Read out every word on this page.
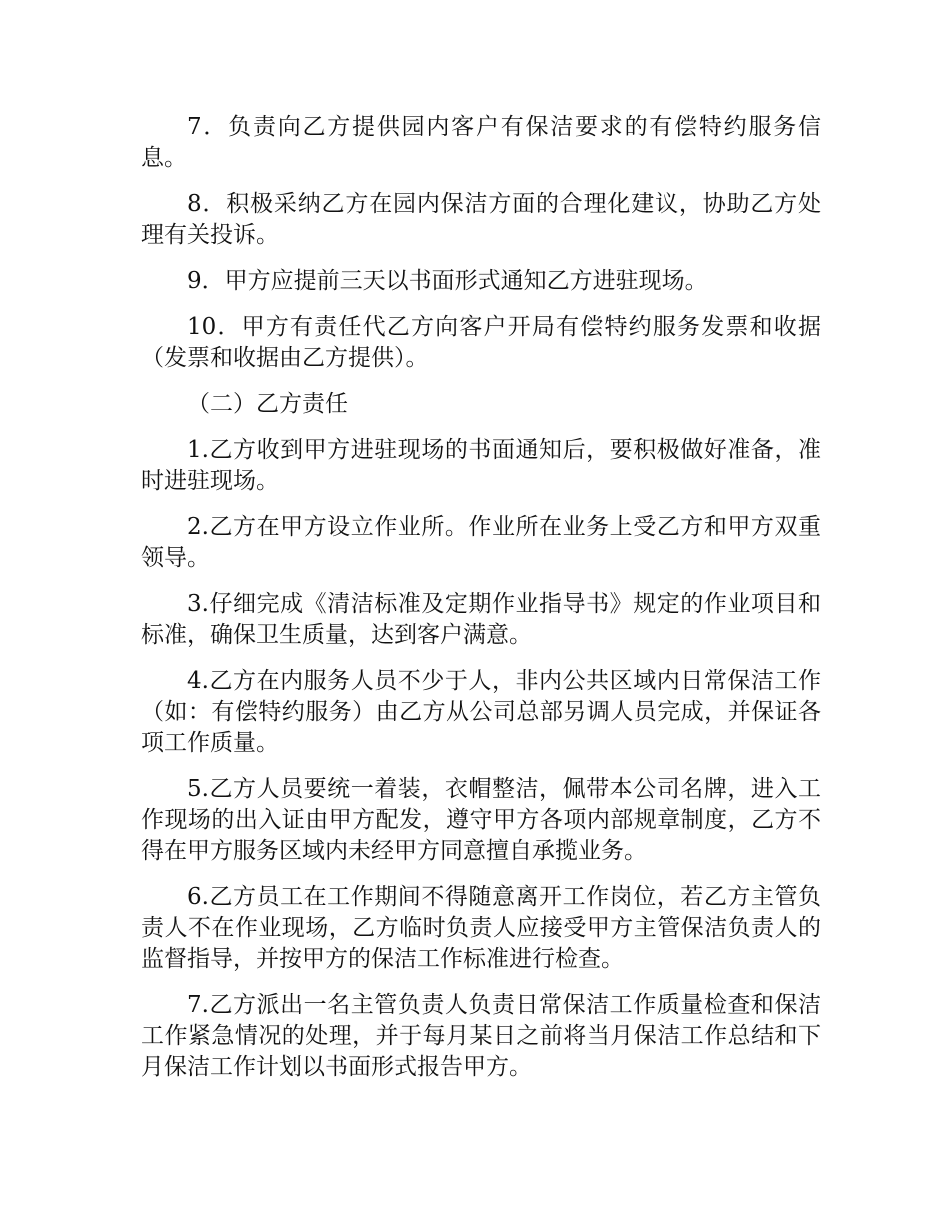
7．负责向乙方提供园内客户有保洁要求的有偿特约服务信息。

8．积极采纳乙方在园内保洁方面的合理化建议，协助乙方处理有关投诉。

9．甲方应提前三天以书面形式通知乙方进驻现场。

10．甲方有责任代乙方向客户开局有偿特约服务发票和收据（发票和收据由乙方提供）。

（二）乙方责任

1.乙方收到甲方进驻现场的书面通知后，要积极做好准备，准时进驻现场。

2.乙方在甲方设立作业所。作业所在业务上受乙方和甲方双重领导。

3.仔细完成《清洁标准及定期作业指导书》规定的作业项目和标准，确保卫生质量，达到客户满意。

4.乙方在内服务人员不少于人，非内公共区域内日常保洁工作（如：有偿特约服务）由乙方从公司总部另调人员完成，并保证各项工作质量。

5.乙方人员要统一着装，衣帽整洁，佩带本公司名牌，进入工作现场的出入证由甲方配发，遵守甲方各项内部规章制度，乙方不得在甲方服务区域内未经甲方同意擅自承揽业务。

6.乙方员工在工作期间不得随意离开工作岗位，若乙方主管负责人不在作业现场，乙方临时负责人应接受甲方主管保洁负责人的监督指导，并按甲方的保洁工作标准进行检查。

7.乙方派出一名主管负责人负责日常保洁工作质量检查和保洁工作紧急情况的处理，并于每月某日之前将当月保洁工作总结和下月保洁工作计划以书面形式报告甲方。
